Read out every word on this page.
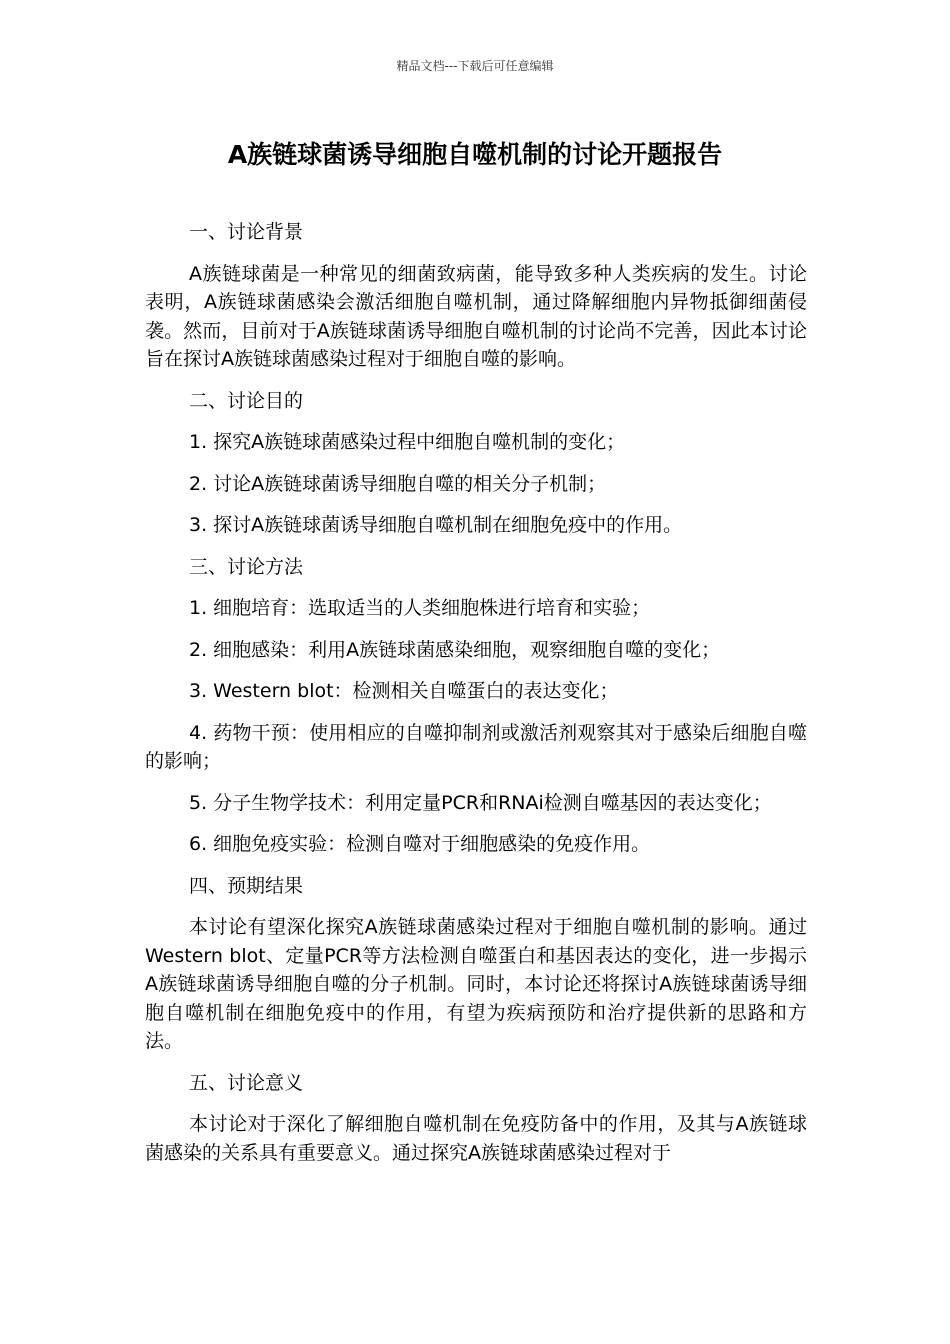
精品文档---下载后可任意编辑
A族链球菌诱导细胞自噬机制的讨论开题报告

一、讨论背景

A族链球菌是一种常见的细菌致病菌，能导致多种人类疾病的发生。讨论表明，A族链球菌感染会激活细胞自噬机制，通过降解细胞内异物抵御细菌侵袭。然而，目前对于A族链球菌诱导细胞自噬机制的讨论尚不完善，因此本讨论旨在探讨A族链球菌感染过程对于细胞自噬的影响。

二、讨论目的

1. 探究A族链球菌感染过程中细胞自噬机制的变化；

2. 讨论A族链球菌诱导细胞自噬的相关分子机制；

3. 探讨A族链球菌诱导细胞自噬机制在细胞免疫中的作用。

三、讨论方法

1. 细胞培育：选取适当的人类细胞株进行培育和实验；

2. 细胞感染：利用A族链球菌感染细胞，观察细胞自噬的变化；

3. Western blot：检测相关自噬蛋白的表达变化；

4. 药物干预：使用相应的自噬抑制剂或激活剂观察其对于感染后细胞自噬的影响；

5. 分子生物学技术：利用定量PCR和RNAi检测自噬基因的表达变化；

6. 细胞免疫实验：检测自噬对于细胞感染的免疫作用。

四、预期结果

本讨论有望深化探究A族链球菌感染过程对于细胞自噬机制的影响。通过Western blot、定量PCR等方法检测自噬蛋白和基因表达的变化，进一步揭示A族链球菌诱导细胞自噬的分子机制。同时，本讨论还将探讨A族链球菌诱导细胞自噬机制在细胞免疫中的作用，有望为疾病预防和治疗提供新的思路和方法。

五、讨论意义

本讨论对于深化了解细胞自噬机制在免疫防备中的作用，及其与A族链球菌感染的关系具有重要意义。通过探究A族链球菌感染过程对于
